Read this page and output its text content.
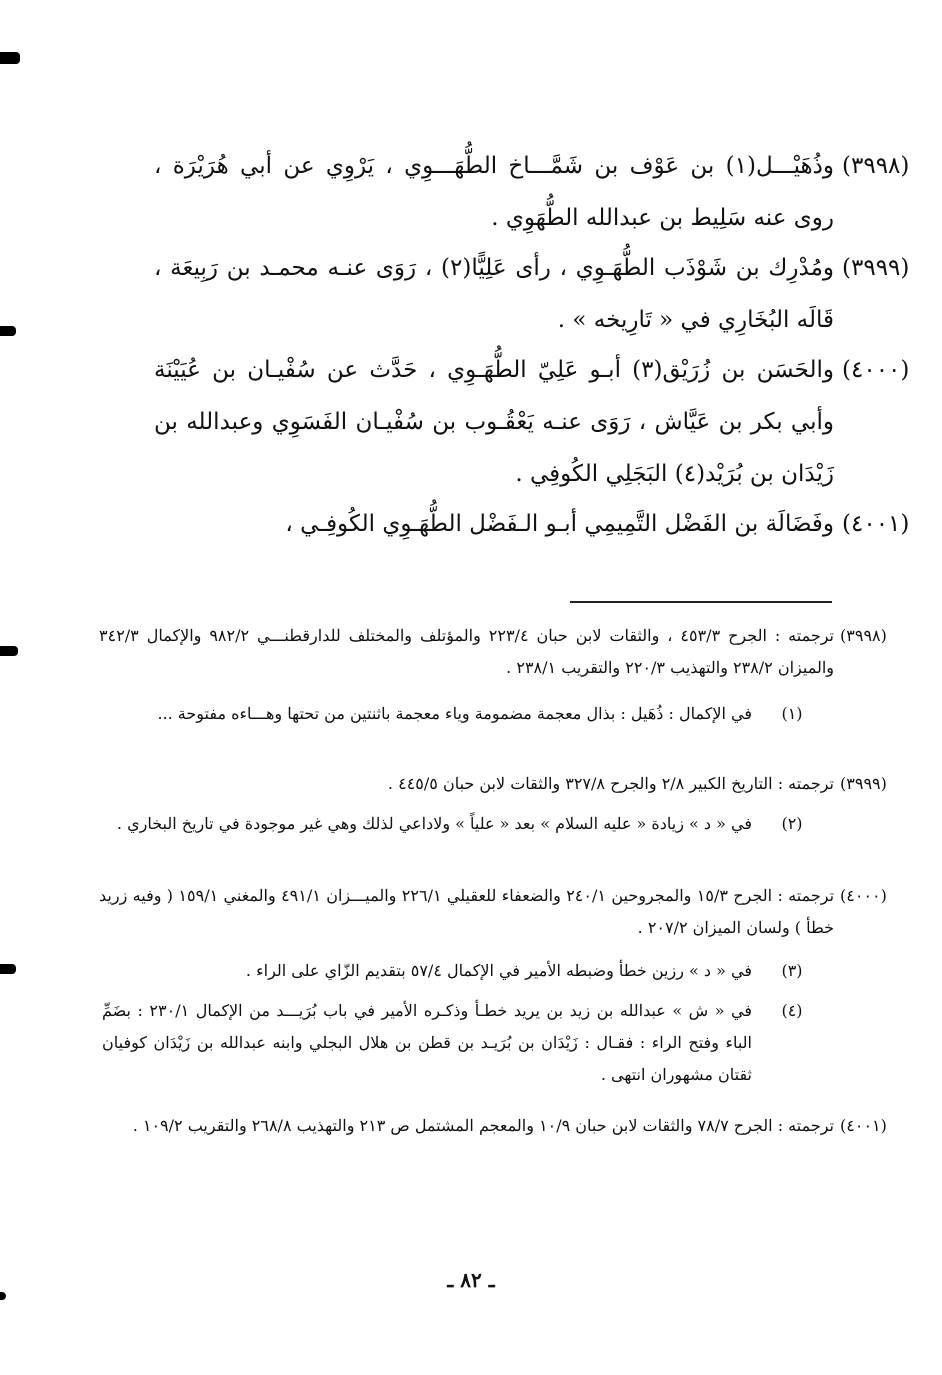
(٣٩٩٨)
وذُهَيْـــل(١) بن عَوْف بن شَمَّـــاخ الطُّهَـــوِي ، يَرْوِي عن أبي هُرَيْرَة ، روى عنه سَلِيط بن عبدالله الطُّهَوِي .
(٣٩٩٩)
ومُدْرِك بن شَوْذَب الطُّهَـوِي ، رأى عَلِيًّا(٢) ، رَوَى عنـه محمـد بن رَبِيعَة ، قَالَه البُخَارِي في « تَارِيخه » .
(٤٠٠٠)
والحَسَن بن زُرَيْق(٣) أبـو عَلِيّ الطُّهَـوِي ، حَدَّث عن سُفْيـان بن عُيَيْنَة وأبي بكر بن عَيَّاش ، رَوَى عنـه يَعْقُـوب بن سُفْيـان الفَسَوِي وعبدالله بن زَيْدَان بن بُرَيْد(٤) البَجَلِي الكُوفِي .
(٤٠٠١)
وفَضَالَة بن الفَضْل التَّمِيمِي أبـو الـفَضْل الطُّهَـوِي الكُوفِـي ،
(٣٩٩٨)
ترجمته : الجرح ٤٥٣/٣ ، والثقات لابن حبان ٢٢٣/٤ والمؤتلف والمختلف للدارقطنـــي ٩٨٢/٢ والإكمال ٣٤٢/٣ والميزان ٢٣٨/٢ والتهذيب ٢٢٠/٣ والتقريب ٢٣٨/١ .
(١)
في الإكمال : ذُهَيل : بذال معجمة مضمومة وياء معجمة باثنتين من تحتها وهـــاءه مفتوحة ...
(٣٩٩٩)
ترجمته : التاريخ الكبير ٢/٨ والجرح ٣٢٧/٨ والثقات لابن حبان ٤٤٥/٥ .
(٢)
في « د » زيادة « عليه السلام » بعد « علياً » ولاداعي لذلك وهي غير موجودة في تاريخ البخاري .
(٤٠٠٠)
ترجمته : الجرح ١٥/٣ والمجروحين ٢٤٠/١ والضعفاء للعقيلي ٢٢٦/١ والميـــزان ٤٩١/١ والمغني ١٥٩/١ ( وفيه زريد خطأ ) ولسان الميزان ٢٠٧/٢ .
(٣)
في « د » رزين خطأ وضبطه الأمير في الإكمال ٥٧/٤ بتقديم الزّاي على الراء .
(٤)
في « ش » عبدالله بن زيد بن يريد خطـأ وذكـره الأمير في باب بُرَيـــد من الإكمال ٢٣٠/١ : بضَمِّ الباء وفتح الراء : فقـال : زَيْدَان بن بُرَيـد بن قطن بن هلال البجلي وابنه عبدالله بن زَيْدَان كوفيان ثقتان مشهوران انتهى .
(٤٠٠١)
ترجمته : الجرح ٧٨/٧ والثقات لابن حبان ١٠/٩ والمعجم المشتمل ص ٢١٣ والتهذيب ٢٦٨/٨ والتقريب ١٠٩/٢ .
ـ ٨٢ ـ
